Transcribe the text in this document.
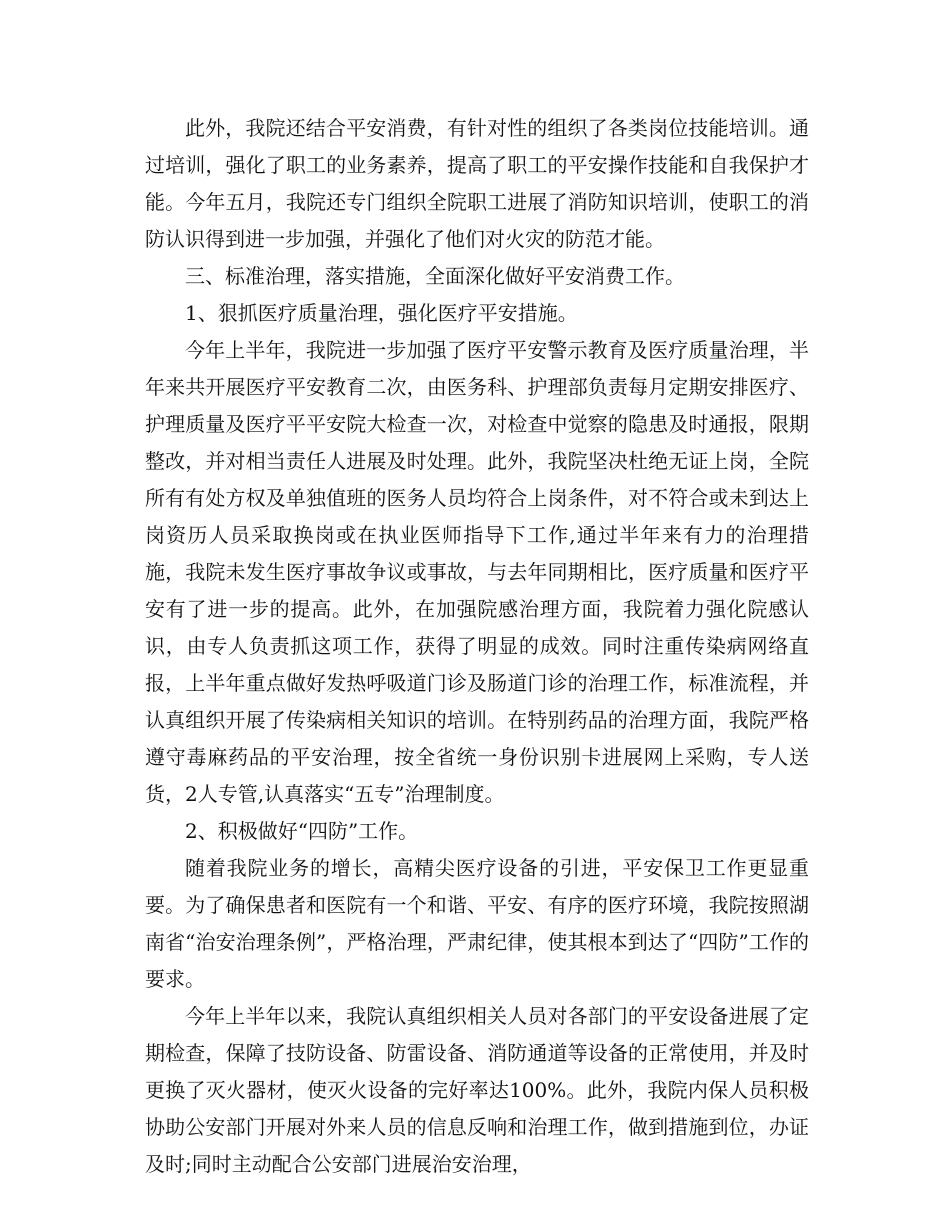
此外，我院还结合平安消费，有针对性的组织了各类岗位技能培训。通过培训，强化了职工的业务素养，提高了职工的平安操作技能和自我保护才能。今年五月，我院还专门组织全院职工进展了消防知识培训，使职工的消防认识得到进一步加强，并强化了他们对火灾的防范才能。

三、标准治理，落实措施，全面深化做好平安消费工作。

1、狠抓医疗质量治理，强化医疗平安措施。

今年上半年，我院进一步加强了医疗平安警示教育及医疗质量治理，半年来共开展医疗平安教育二次，由医务科、护理部负责每月定期安排医疗、护理质量及医疗平平安院大检查一次，对检查中觉察的隐患及时通报，限期整改，并对相当责任人进展及时处理。此外，我院坚决杜绝无证上岗，全院所有有处方权及单独值班的医务人员均符合上岗条件，对不符合或未到达上岗资历人员采取换岗或在执业医师指导下工作,通过半年来有力的治理措施，我院未发生医疗事故争议或事故，与去年同期相比，医疗质量和医疗平安有了进一步的提高。此外，在加强院感治理方面，我院着力强化院感认识，由专人负责抓这项工作，获得了明显的成效。同时注重传染病网络直报，上半年重点做好发热呼吸道门诊及肠道门诊的治理工作，标准流程，并认真组织开展了传染病相关知识的培训。在特别药品的治理方面，我院严格遵守毒麻药品的平安治理，按全省统一身份识别卡进展网上采购，专人送货，2人专管,认真落实“五专”治理制度。

2、积极做好“四防”工作。

随着我院业务的增长，高精尖医疗设备的引进，平安保卫工作更显重要。为了确保患者和医院有一个和谐、平安、有序的医疗环境，我院按照湖南省“治安治理条例”，严格治理，严肃纪律，使其根本到达了“四防”工作的要求。

今年上半年以来，我院认真组织相关人员对各部门的平安设备进展了定期检查，保障了技防设备、防雷设备、消防通道等设备的正常使用，并及时更换了灭火器材，使灭火设备的完好率达100%。此外，我院内保人员积极协助公安部门开展对外来人员的信息反响和治理工作，做到措施到位，办证及时;同时主动配合公安部门进展治安治理，
